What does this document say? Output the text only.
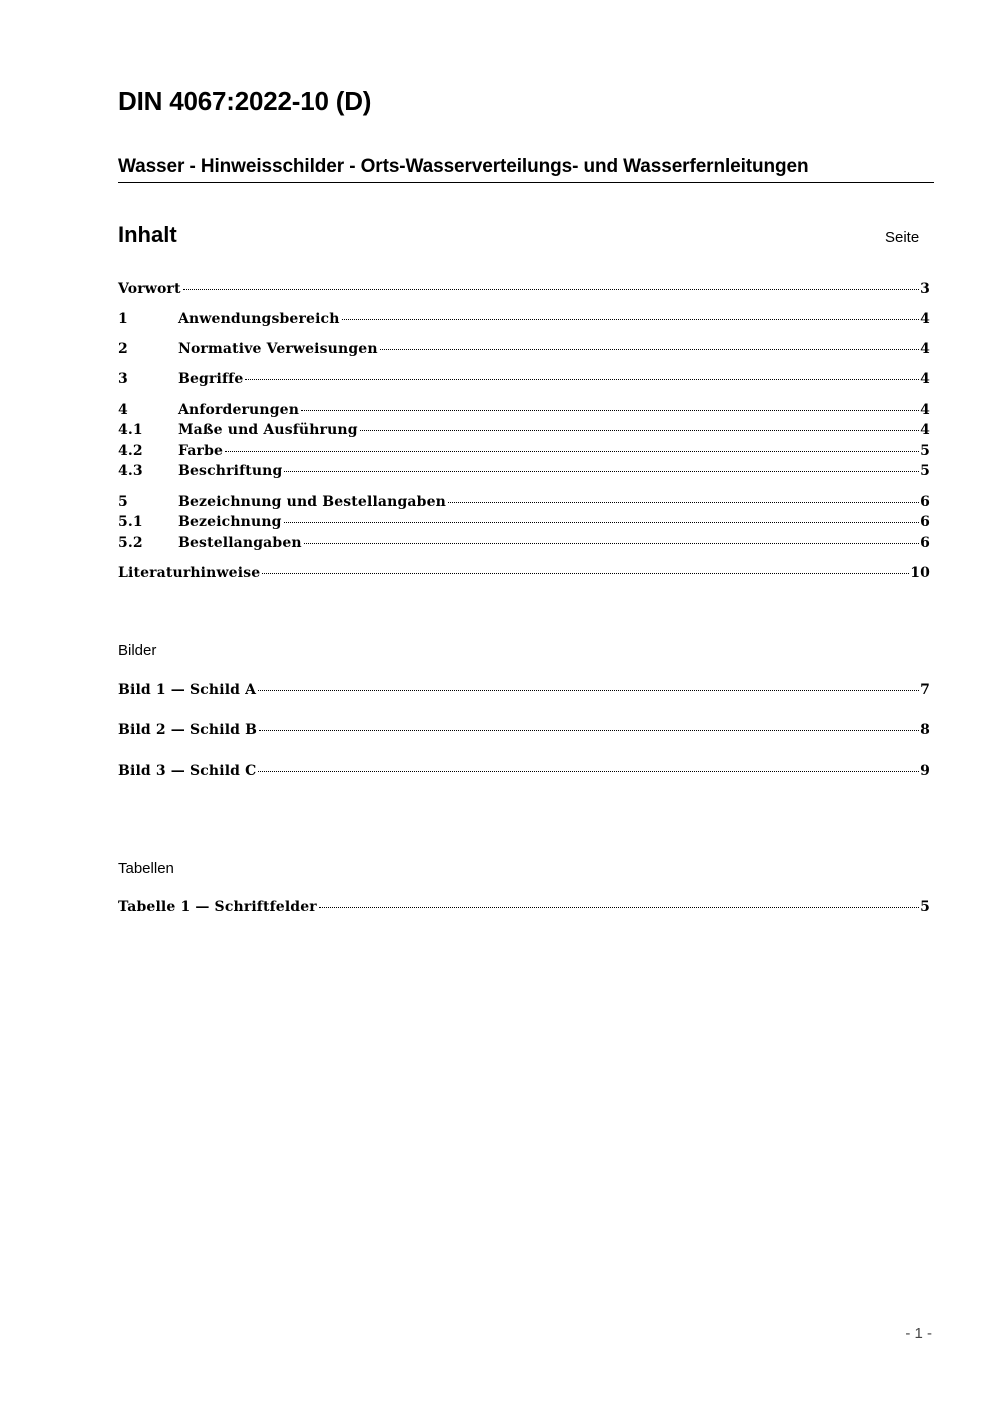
DIN 4067:2022-10 (D)
Wasser - Hinweisschilder - Orts-Wasserverteilungs- und Wasserfernleitungen
Inhalt	Seite
Vorwort	3
1	Anwendungsbereich	4
2	Normative Verweisungen	4
3	Begriffe	4
4	Anforderungen	4
4.1	Maße und Ausführung	4
4.2	Farbe	5
4.3	Beschriftung	5
5	Bezeichnung und Bestellangaben	6
5.1	Bezeichnung	6
5.2	Bestellangaben	6
Literaturhinweise	10
Bilder
Bild 1 — Schild A	7
Bild 2 — Schild B	8
Bild 3 — Schild C	9
Tabellen
Tabelle 1 — Schriftfelder	5
- 1 -
